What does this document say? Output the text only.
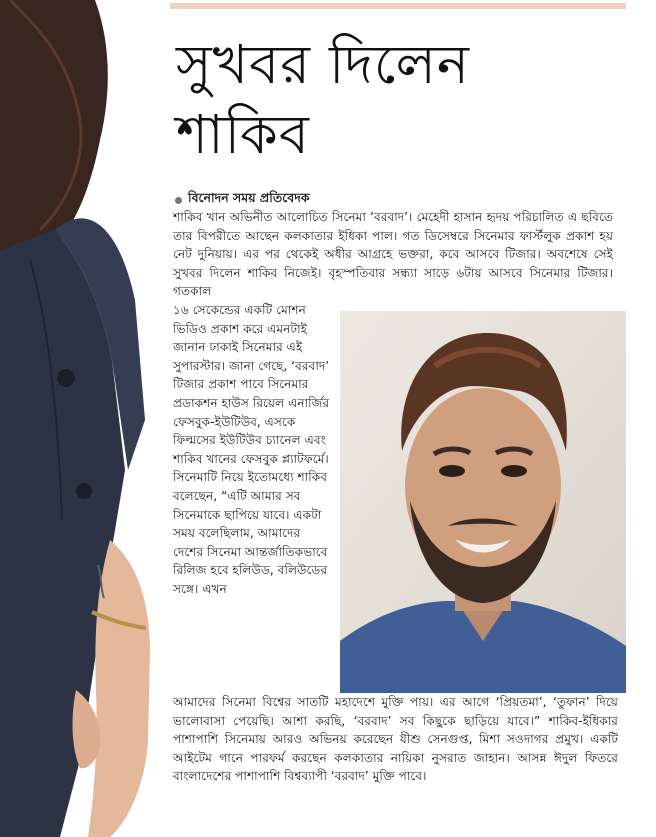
সুখবর দিলেন
শাকিব
বিনোদন সময় প্রতিবেদক

শাকিব খান অভিনীত আলোচিত সিনেমা ‘বরবাদ’। মেহেদী হাসান হৃদয় পরিচালিত এ ছবিতে তার বিপরীতে আছেন কলকাতার ইধিকা পাল। গত ডিসেম্বরে সিনেমার ফার্স্টলুক প্রকাশ হয় নেট দুনিয়ায়। এর পর থেকেই অধীর আগ্রহে ভক্তরা, কবে আসবে টিজার। অবশেষে সেই সুখবর দিলেন শাকিব নিজেই। বৃহস্পতিবার সন্ধ্যা সাড়ে ৬টায় আসবে সিনেমার টিজার। গতকাল

১৬ সেকেন্ডের একটি মোশন ভিডিও প্রকাশ করে এমনটাই জানান ঢাকাই সিনেমার এই সুপারস্টার। জানা গেছে, ‘বরবাদ’ টিজার প্রকাশ পাবে সিনেমার প্রডাকশন হাউস রিয়েল এনার্জির ফেসবুক-ইউটিউব, এসকে ফিল্মসের ইউটিউব চ্যানেল এবং শাকিব খানের ফেসবুক প্ল্যাটফর্মে। সিনেমাটি নিয়ে ইতোমধ্যে শাকিব বলেছেন, “এটি আমার সব সিনেমাকে ছাপিয়ে যাবে। একটা সময় বলেছিলাম, আমাদের দেশের সিনেমা আন্তর্জাতিকভাবে রিলিজ হবে হলিউড, বলিউডের সঙ্গে। এখন

আমাদের সিনেমা বিশ্বের সাতটি মহাদেশে মুক্তি পায়। এর আগে ‘প্রিয়তমা’, ‘তুফান’ দিয়ে ভালোবাসা পেয়েছি। আশা করছি, ‘বরবাদ’ সব কিছুকে ছাড়িয়ে যাবে।” শাকিব-ইধিকার পাশাপাশি সিনেমায় আরও অভিনয় করেছেন যীশু সেনগুপ্ত, মিশা সওদাগর প্রমুখ। একটি আইটেম গানে পারফর্ম করছেন কলকাতার নায়িকা নুসরাত জাহান। আসন্ন ঈদুল ফিতরে বাংলাদেশের পাশাপাশি বিশ্বব্যাপী ‘বরবাদ’ মুক্তি পাবে।
